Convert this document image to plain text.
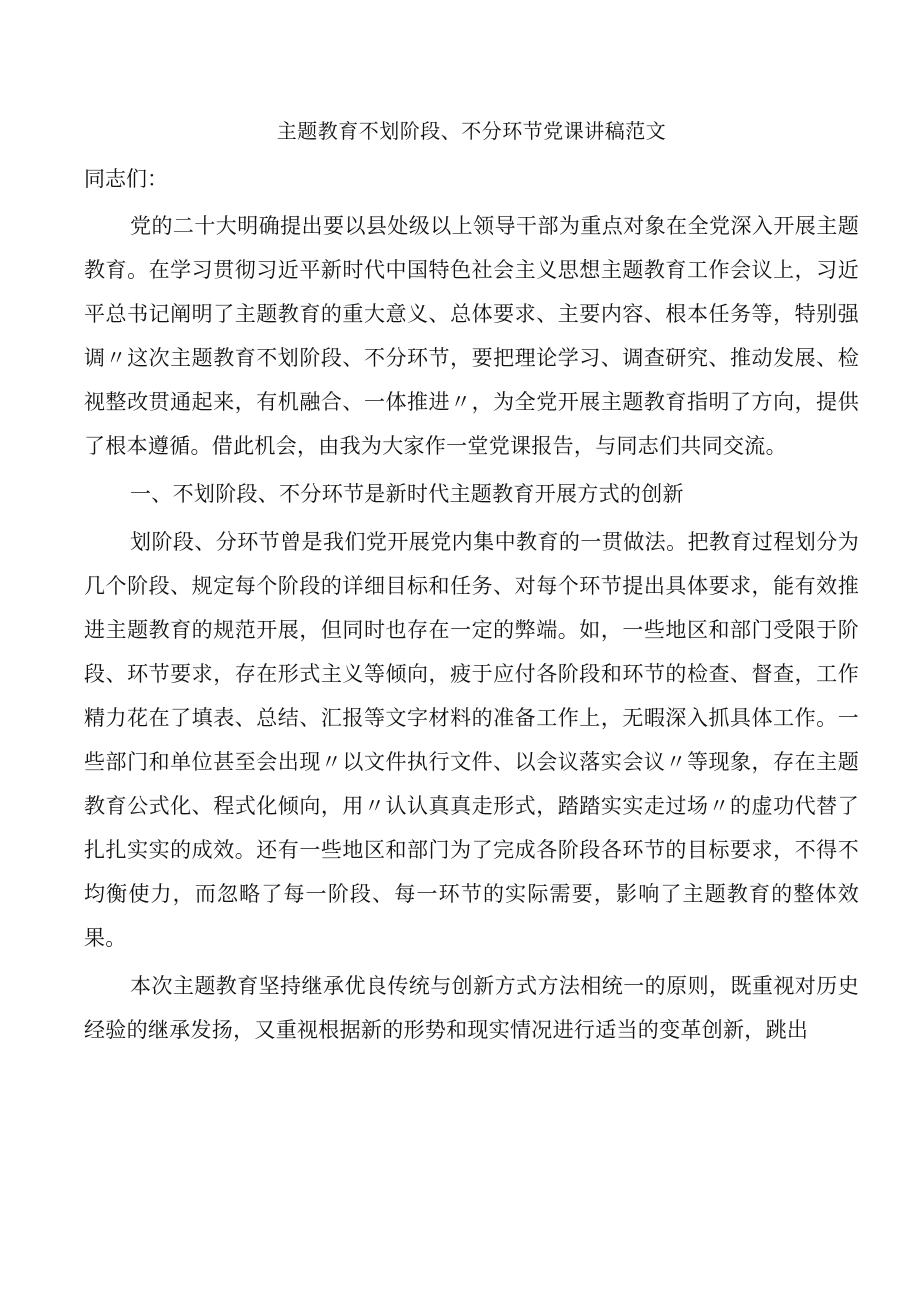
主题教育不划阶段、不分环节党课讲稿范文
同志们：
党的二十大明确提出要以县处级以上领导干部为重点对象在全党深入开展主题教育。在学习贯彻习近平新时代中国特色社会主义思想主题教育工作会议上，习近平总书记阐明了主题教育的重大意义、总体要求、主要内容、根本任务等，特别强调〃这次主题教育不划阶段、不分环节，要把理论学习、调查研究、推动发展、检视整改贯通起来，有机融合、一体推进〃，为全党开展主题教育指明了方向，提供了根本遵循。借此机会，由我为大家作一堂党课报告，与同志们共同交流。
一、不划阶段、不分环节是新时代主题教育开展方式的创新
划阶段、分环节曾是我们党开展党内集中教育的一贯做法。把教育过程划分为几个阶段、规定每个阶段的详细目标和任务、对每个环节提出具体要求，能有效推进主题教育的规范开展，但同时也存在一定的弊端。如，一些地区和部门受限于阶段、环节要求，存在形式主义等倾向，疲于应付各阶段和环节的检查、督查，工作精力花在了填表、总结、汇报等文字材料的准备工作上，无暇深入抓具体工作。一些部门和单位甚至会出现〃以文件执行文件、以会议落实会议〃等现象，存在主题教育公式化、程式化倾向，用〃认认真真走形式，踏踏实实走过场〃的虚功代替了扎扎实实的成效。还有一些地区和部门为了完成各阶段各环节的目标要求，不得不均衡使力，而忽略了每一阶段、每一环节的实际需要，影响了主题教育的整体效果。
本次主题教育坚持继承优良传统与创新方式方法相统一的原则，既重视对历史经验的继承发扬，又重视根据新的形势和现实情况进行适当的变革创新，跳出
